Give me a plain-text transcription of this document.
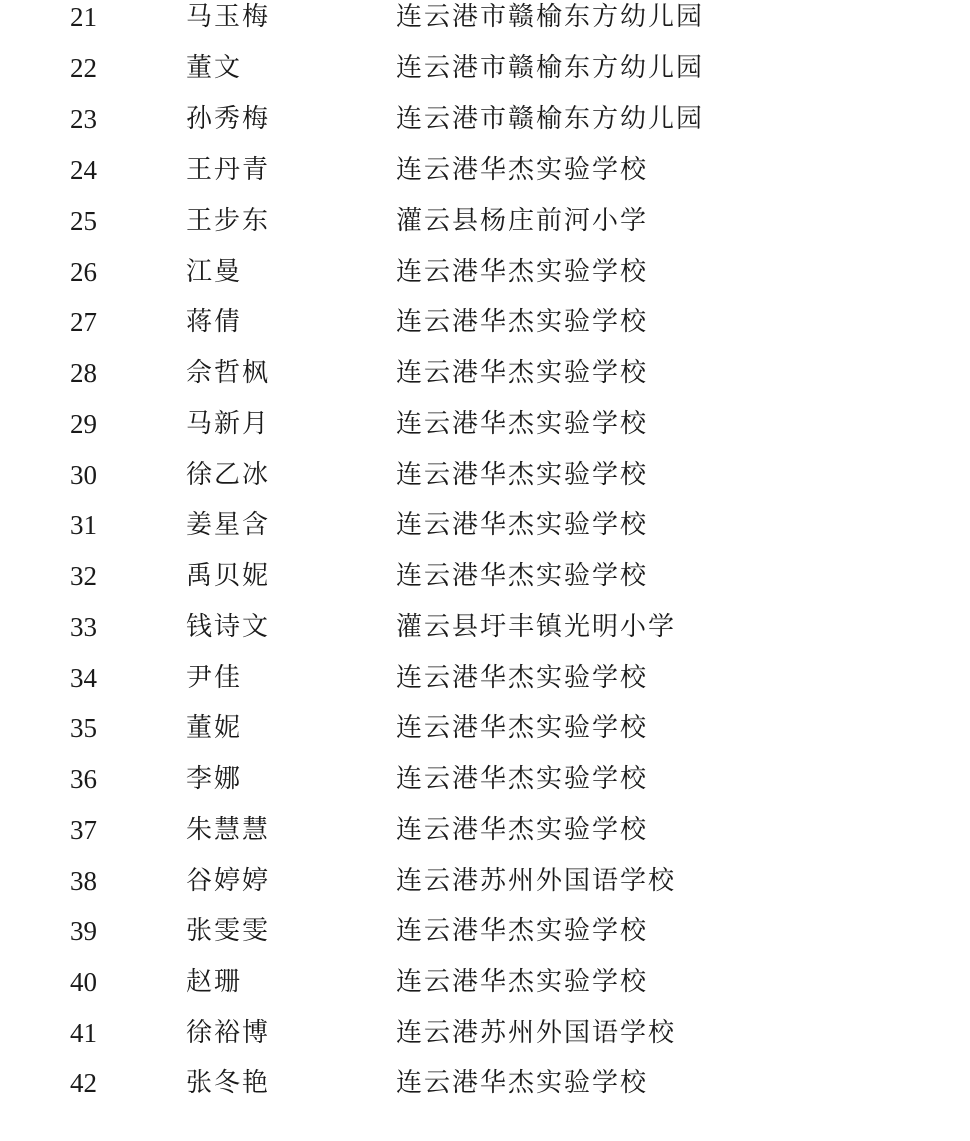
21	马玉梅	连云港市赣榆东方幼儿园
22	董文	连云港市赣榆东方幼儿园
23	孙秀梅	连云港市赣榆东方幼儿园
24	王丹青	连云港华杰实验学校
25	王步东	灌云县杨庄前河小学
26	江曼	连云港华杰实验学校
27	蒋倩	连云港华杰实验学校
28	佘哲枫	连云港华杰实验学校
29	马新月	连云港华杰实验学校
30	徐乙冰	连云港华杰实验学校
31	姜星含	连云港华杰实验学校
32	禹贝妮	连云港华杰实验学校
33	钱诗文	灌云县圩丰镇光明小学
34	尹佳	连云港华杰实验学校
35	董妮	连云港华杰实验学校
36	李娜	连云港华杰实验学校
37	朱慧慧	连云港华杰实验学校
38	谷婷婷	连云港苏州外国语学校
39	张雯雯	连云港华杰实验学校
40	赵珊	连云港华杰实验学校
41	徐裕博	连云港苏州外国语学校
42	张冬艳	连云港华杰实验学校
